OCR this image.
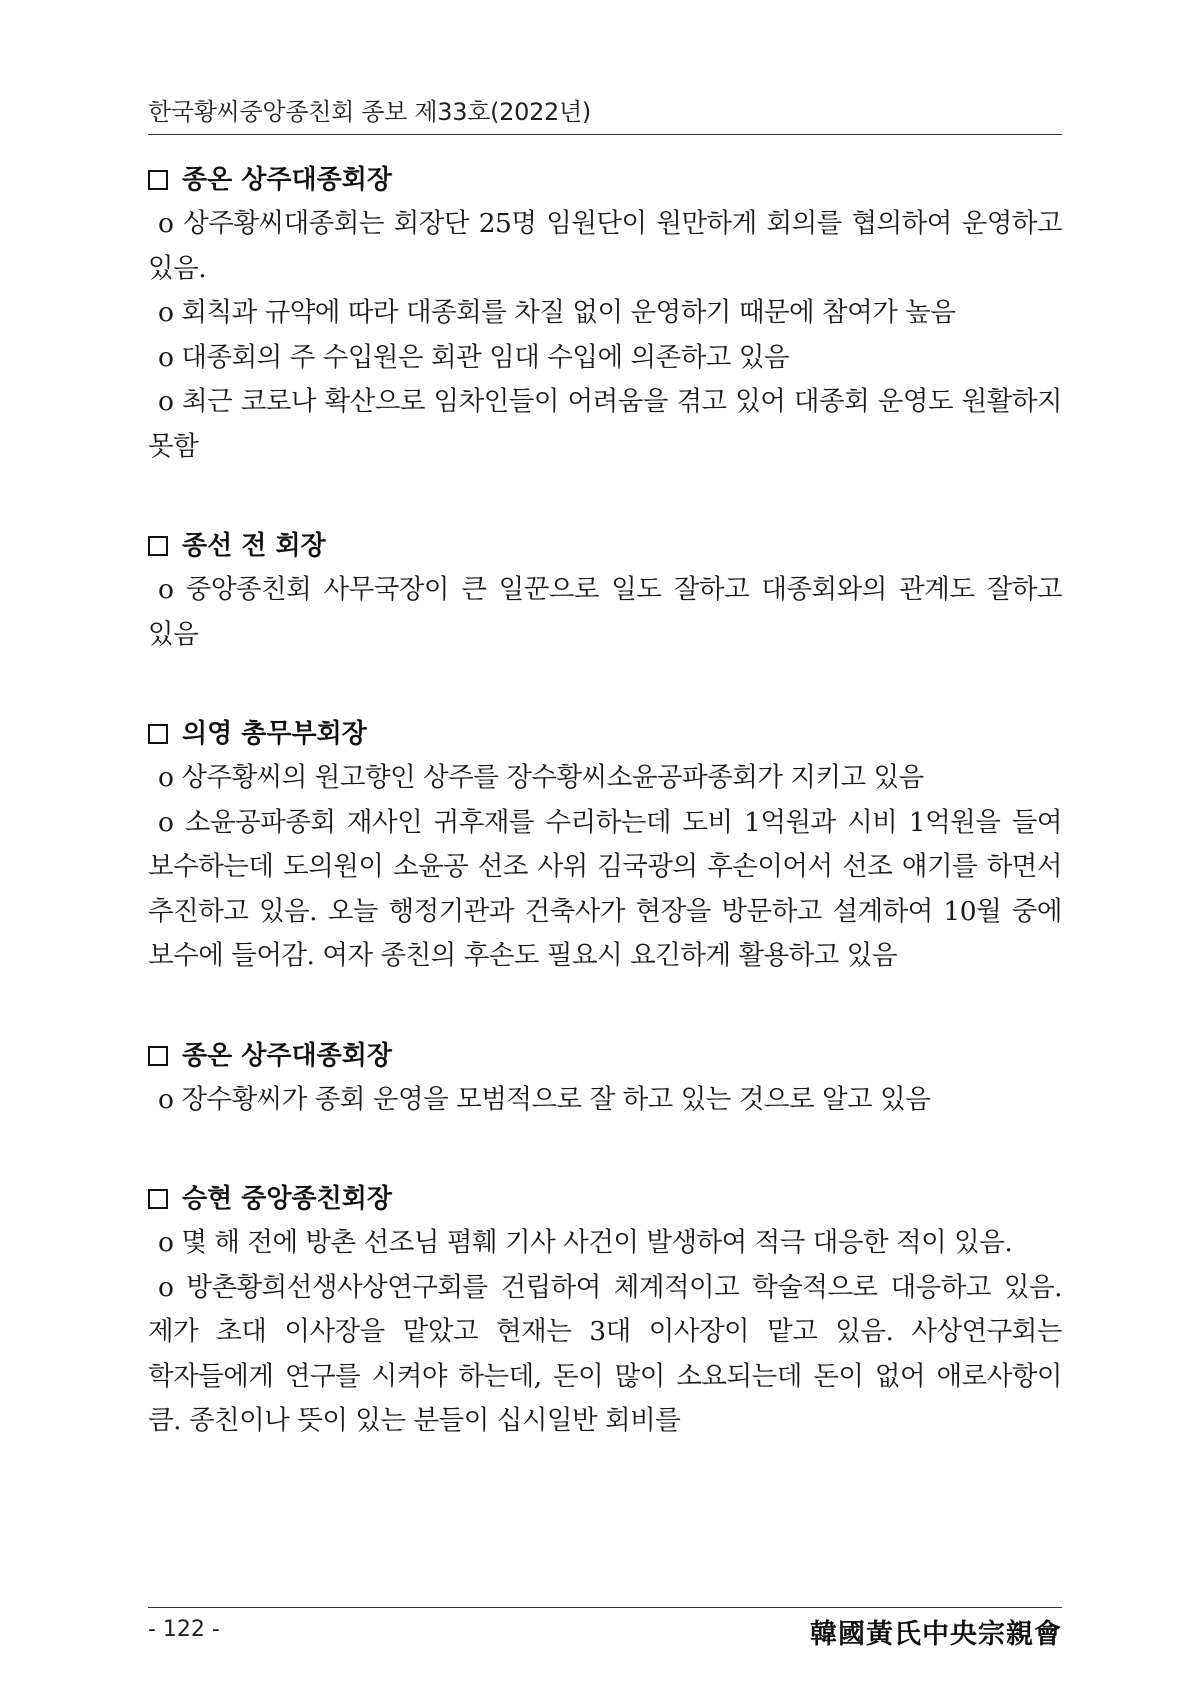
한국황씨중앙종친회 종보 제33호(2022년)
종온 상주대종회장

o 상주황씨대종회는 회장단 25명 임원단이 원만하게 회의를 협의하여 운영하고 있음.

o 회칙과 규약에 따라 대종회를 차질 없이 운영하기 때문에 참여가 높음

o 대종회의 주 수입원은 회관 임대 수입에 의존하고 있음

o 최근 코로나 확산으로 임차인들이 어려움을 겪고 있어 대종회 운영도 원활하지 못함

종선 전 회장

o 중앙종친회 사무국장이 큰 일꾼으로 일도 잘하고 대종회와의 관계도 잘하고 있음

의영 총무부회장

o 상주황씨의 원고향인 상주를 장수황씨소윤공파종회가 지키고 있음

o 소윤공파종회 재사인 귀후재를 수리하는데 도비 1억원과 시비 1억원을 들여 보수하는데 도의원이 소윤공 선조 사위 김국광의 후손이어서 선조 얘기를 하면서 추진하고 있음. 오늘 행정기관과 건축사가 현장을 방문하고 설계하여 10월 중에 보수에 들어감. 여자 종친의 후손도 필요시 요긴하게 활용하고 있음

종온 상주대종회장

o 장수황씨가 종회 운영을 모범적으로 잘 하고 있는 것으로 알고 있음

승현 중앙종친회장

o 몇 해 전에 방촌 선조님 폄훼 기사 사건이 발생하여 적극 대응한 적이 있음.

o 방촌황희선생사상연구회를 건립하여 체계적이고 학술적으로 대응하고 있음. 제가 초대 이사장을 맡았고 현재는 3대 이사장이 맡고 있음. 사상연구회는 학자들에게 연구를 시켜야 하는데, 돈이 많이 소요되는데 돈이 없어 애로사항이 큼. 종친이나 뜻이 있는 분들이 십시일반 회비를

- 122 -	韓國黃氏中央宗親會
